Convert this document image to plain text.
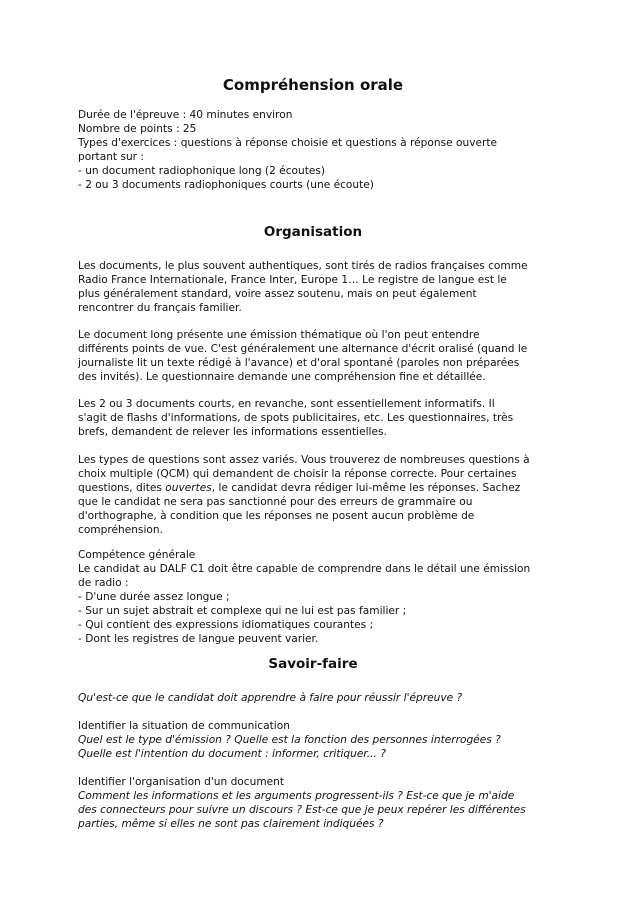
Compréhension orale
Durée de l'épreuve : 40 minutes environ
Nombre de points : 25
Types d'exercices : questions à réponse choisie et questions à réponse ouverte
portant sur :
- un document radiophonique long (2 écoutes)
- 2 ou 3 documents radiophoniques courts (une écoute)
Organisation
Les documents, le plus souvent authentiques, sont tirés de radios françaises comme
Radio France Internationale, France Inter, Europe 1… Le registre de langue est le
plus généralement standard, voire assez soutenu, mais on peut également
rencontrer du français familier.
Le document long présente une émission thématique où l'on peut entendre
différents points de vue. C'est généralement une alternance d'écrit oralisé (quand le
journaliste lit un texte rédigé à l'avance) et d'oral spontané (paroles non préparées
des invités). Le questionnaire demande une compréhension fine et détaillée.
Les 2 ou 3 documents courts, en revanche, sont essentiellement informatifs. Il
s'agit de flashs d'informations, de spots publicitaires, etc. Les questionnaires, très
brefs, demandent de relever les informations essentielles.
Les types de questions sont assez variés. Vous trouverez de nombreuses questions à
choix multiple (QCM) qui demandent de choisir la réponse correcte. Pour certaines
questions, dites ouvertes, le candidat devra rédiger lui-même les réponses. Sachez
que le candidat ne sera pas sanctionné pour des erreurs de grammaire ou
d'orthographe, à condition que les réponses ne posent aucun problème de
compréhension.
Compétence générale
Le candidat au DALF C1 doit être capable de comprendre dans le détail une émission
de radio :
- D'une durée assez longue ;
- Sur un sujet abstrait et complexe qui ne lui est pas familier ;
- Qui contient des expressions idiomatiques courantes ;
- Dont les registres de langue peuvent varier.
Savoir-faire
Qu'est-ce que le candidat doit apprendre à faire pour réussir l'épreuve ?
Identifier la situation de communication
Quel est le type d'émission ? Quelle est la fonction des personnes interrogées ?
Quelle est l'intention du document : informer, critiquer... ?
Identifier l'organisation d'un document
Comment les informations et les arguments progressent-ils ? Est-ce que je m'aide
des connecteurs pour suivre un discours ? Est-ce que je peux repérer les différentes
parties, même si elles ne sont pas clairement indiquées ?
